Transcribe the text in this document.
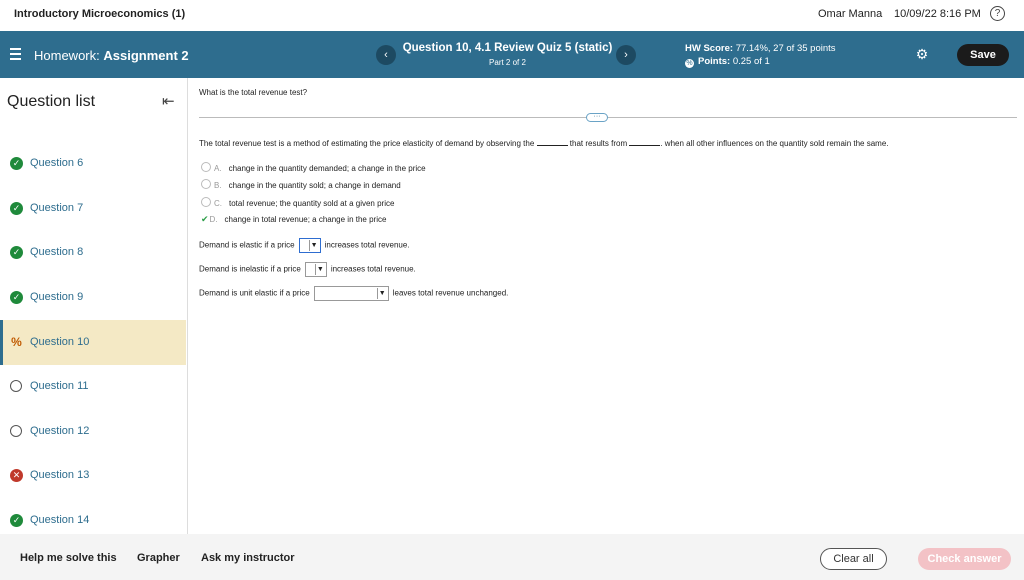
Introductory Microeconomics (1)	Omar Manna 10/09/22 8:16 PM	?
Homework: Assignment 2	‹
Question 10, 4.1 Review Quiz 5 (static)
Part 2 of 2
›
HW Score: 77.14%, 27 of 35 points
% Points: 0.25 of 1	⚙	Save
Question list	⇤
✓ Question 6
✓ Question 7
✓ Question 8
✓ Question 9
% Question 10
Question 11
Question 12
✕ Question 13
✓ Question 14
What is the total revenue test?
···
The total revenue test is a method of estimating the price elasticity of demand by observing the	that results from	. when all other influences on the quantity sold remain the same.
A. change in the quantity demanded; a change in the price
B. change in the quantity sold; a change in demand
C. total revenue; the quantity sold at a given price
✔D. change in total revenue; a change in the price
Demand is elastic if a price ▼ increases total revenue.
Demand is inelastic if a price ▼ increases total revenue.
Demand is unit elastic if a price	▼ leaves total revenue unchanged.
Help me solve this Grapher Ask my instructor	Clear all	Check answer
